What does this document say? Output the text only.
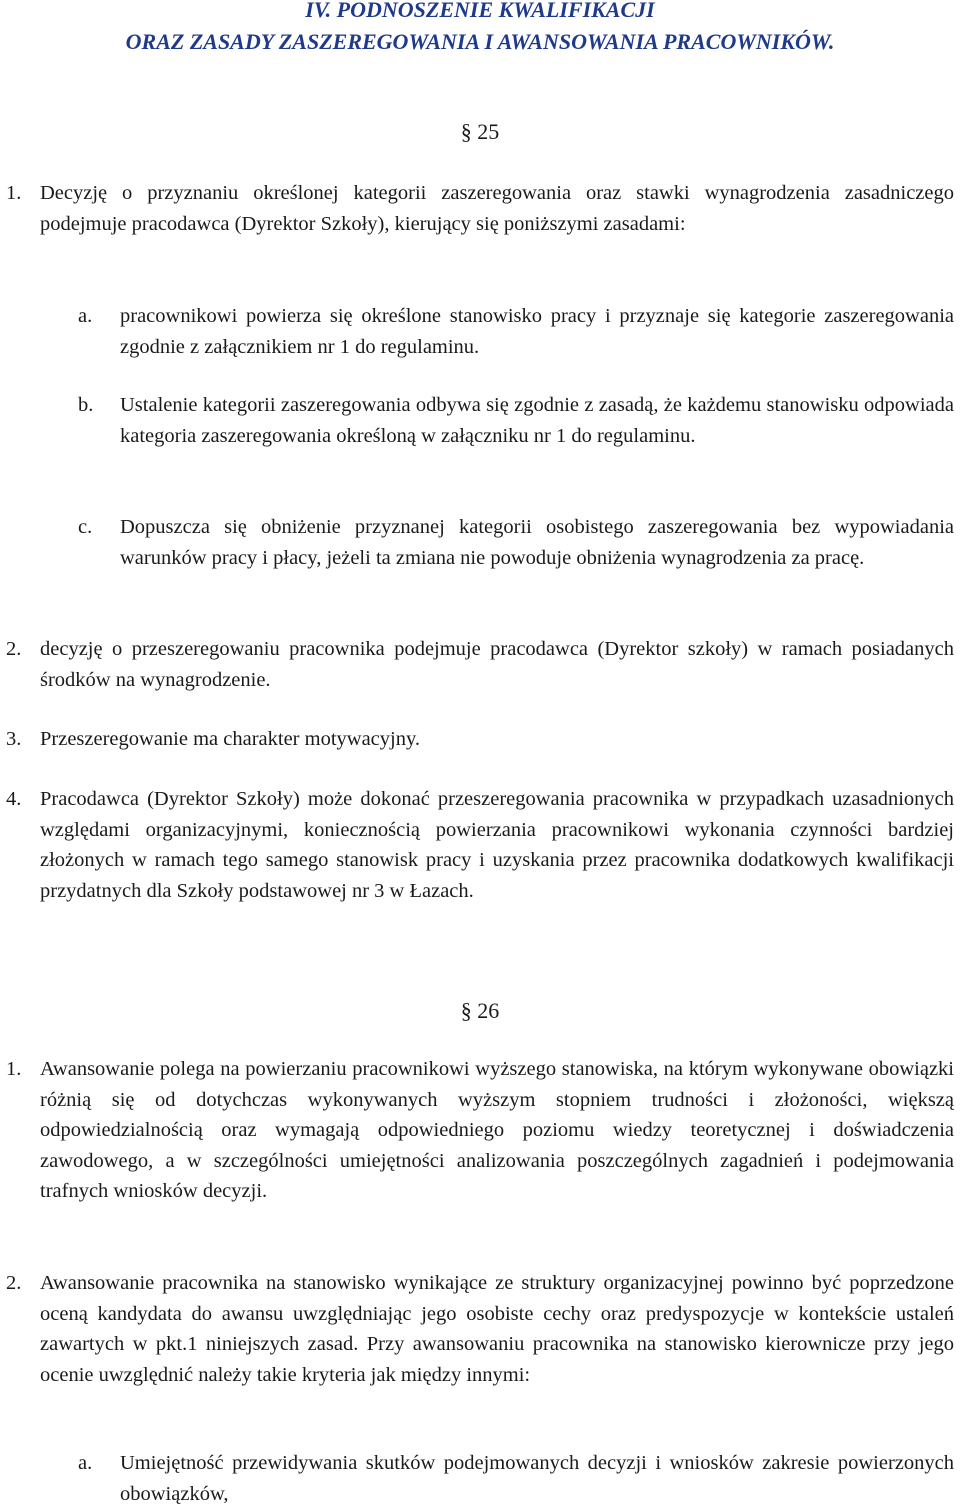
IV. PODNOSZENIE KWALIFIKACJI
ORAZ ZASADY ZASZEREGOWANIA I AWANSOWANIA PRACOWNIKÓW.
§ 25
1. Decyzję o przyznaniu określonej kategorii zaszeregowania oraz stawki wynagrodzenia zasadniczego podejmuje pracodawca (Dyrektor Szkoły), kierujący się poniższymi zasadami:
a. pracownikowi powierza się określone stanowisko pracy i przyznaje się kategorie zaszeregowania zgodnie z załącznikiem nr 1 do regulaminu.
b. Ustalenie kategorii zaszeregowania odbywa się zgodnie z zasadą, że każdemu stanowisku odpowiada kategoria zaszeregowania określoną w załączniku nr 1 do regulaminu.
c. Dopuszcza się obniżenie przyznanej kategorii osobistego zaszeregowania bez wypowiadania warunków pracy i płacy, jeżeli ta zmiana nie powoduje obniżenia wynagrodzenia za pracę.
2. decyzję o przeszeregowaniu pracownika podejmuje pracodawca (Dyrektor szkoły) w ramach posiadanych środków na wynagrodzenie.
3. Przeszeregowanie ma charakter motywacyjny.
4. Pracodawca (Dyrektor Szkoły) może dokonać przeszeregowania pracownika w przypadkach uzasadnionych względami organizacyjnymi, koniecznością powierzania pracownikowi wykonania czynności bardziej złożonych w ramach tego samego stanowisk pracy i uzyskania przez pracownika dodatkowych kwalifikacji przydatnych dla Szkoły podstawowej nr 3 w Łazach.
§ 26
1. Awansowanie polega na powierzaniu pracownikowi wyższego stanowiska, na którym wykonywane obowiązki różnią się od dotychczas wykonywanych wyższym stopniem trudności i złożoności, większą odpowiedzialnością oraz wymagają odpowiedniego poziomu wiedzy teoretycznej i doświadczenia zawodowego, a w szczególności umiejętności analizowania poszczególnych zagadnień i podejmowania trafnych wniosków decyzji.
2. Awansowanie pracownika na stanowisko wynikające ze struktury organizacyjnej powinno być poprzedzone oceną kandydata do awansu uwzględniając jego osobiste cechy oraz predyspozycje w kontekście ustaleń zawartych w pkt.1 niniejszych zasad. Przy awansowaniu pracownika na stanowisko kierownicze przy jego ocenie uwzględnić należy takie kryteria jak między innymi:
a. Umiejętność przewidywania skutków podejmowanych decyzji i wniosków zakresie powierzonych obowiązków,
